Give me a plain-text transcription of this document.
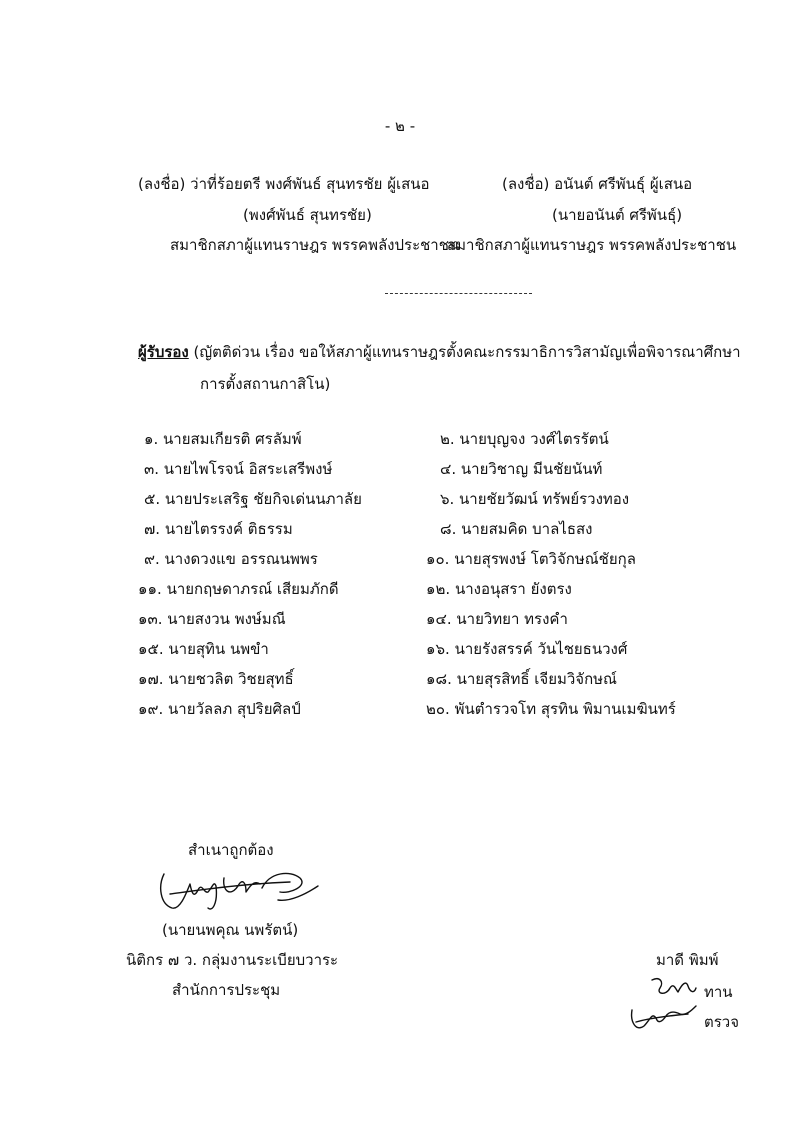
- ๒ -
(ลงชื่อ) ว่าที่ร้อยตรี พงศ์พันธ์ สุนทรชัย ผู้เสนอ
(พงศ์พันธ์ สุนทรชัย)
สมาชิกสภาผู้แทนราษฎร พรรคพลังประชาชน
(ลงชื่อ) อนันต์ ศรีพันธุ์ ผู้เสนอ
(นายอนันต์ ศรีพันธุ์)
สมาชิกสภาผู้แทนราษฎร พรรคพลังประชาชน
ผู้รับรอง (ญัตติด่วน เรื่อง ขอให้สภาผู้แทนราษฎรตั้งคณะกรรมาธิการวิสามัญเพื่อพิจารณาศึกษา
การตั้งสถานกาสิโน)
๑. นายสมเกียรติ ศรลัมพ์
๓. นายไพโรจน์ อิสระเสรีพงษ์
๕. นายประเสริฐ ชัยกิจเด่นนภาลัย
๗. นายไตรรงค์ ติธรรม
๙. นางดวงแข อรรณนพพร
๑๑. นายกฤษดาภรณ์ เสียมภักดี
๑๓. นายสงวน พงษ์มณี
๑๕. นายสุทิน นพขำ
๑๗. นายชวลิต วิชยสุทธิ์
๑๙. นายวัลลภ สุปริยศิลป์
๒. นายบุญจง วงศ์ไตรรัตน์
๔. นายวิชาญ มีนชัยนันท์
๖. นายชัยวัฒน์ ทรัพย์รวงทอง
๘. นายสมคิด บาลไธสง
๑๐. นายสุรพงษ์ โตวิจักษณ์ชัยกุล
๑๒. นางอนุสรา ยังตรง
๑๔. นายวิทยา ทรงคำ
๑๖. นายรังสรรค์ วันไชยธนวงศ์
๑๘. นายสุรสิทธิ์ เจียมวิจักษณ์
๒๐. พันตำรวจโท สุรทิน พิมานเมฆินทร์
สำเนาถูกต้อง
(นายนพคุณ นพรัตน์)
นิติกร ๗ ว. กลุ่มงานระเบียบวาระ
สำนักการประชุม
มาดี พิมพ์
ทาน
ตรวจ
